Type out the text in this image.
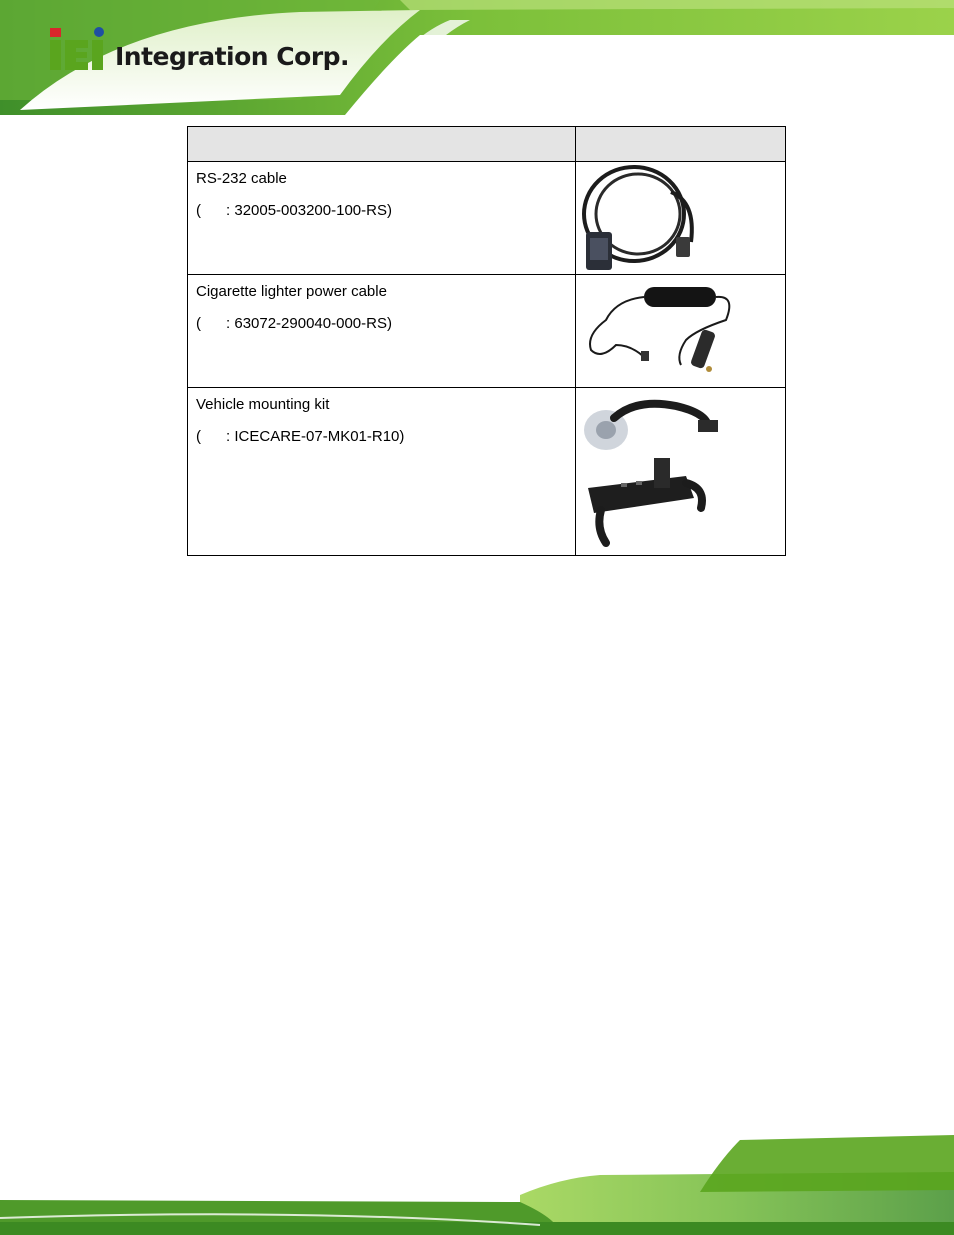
Integration Corp.

RS-232 cable

( : 32005-003200-100-RS)

Cigarette lighter power cable

( : 63072-290040-000-RS)

Vehicle mounting kit

( : ICECARE-07-MK01-R10)
